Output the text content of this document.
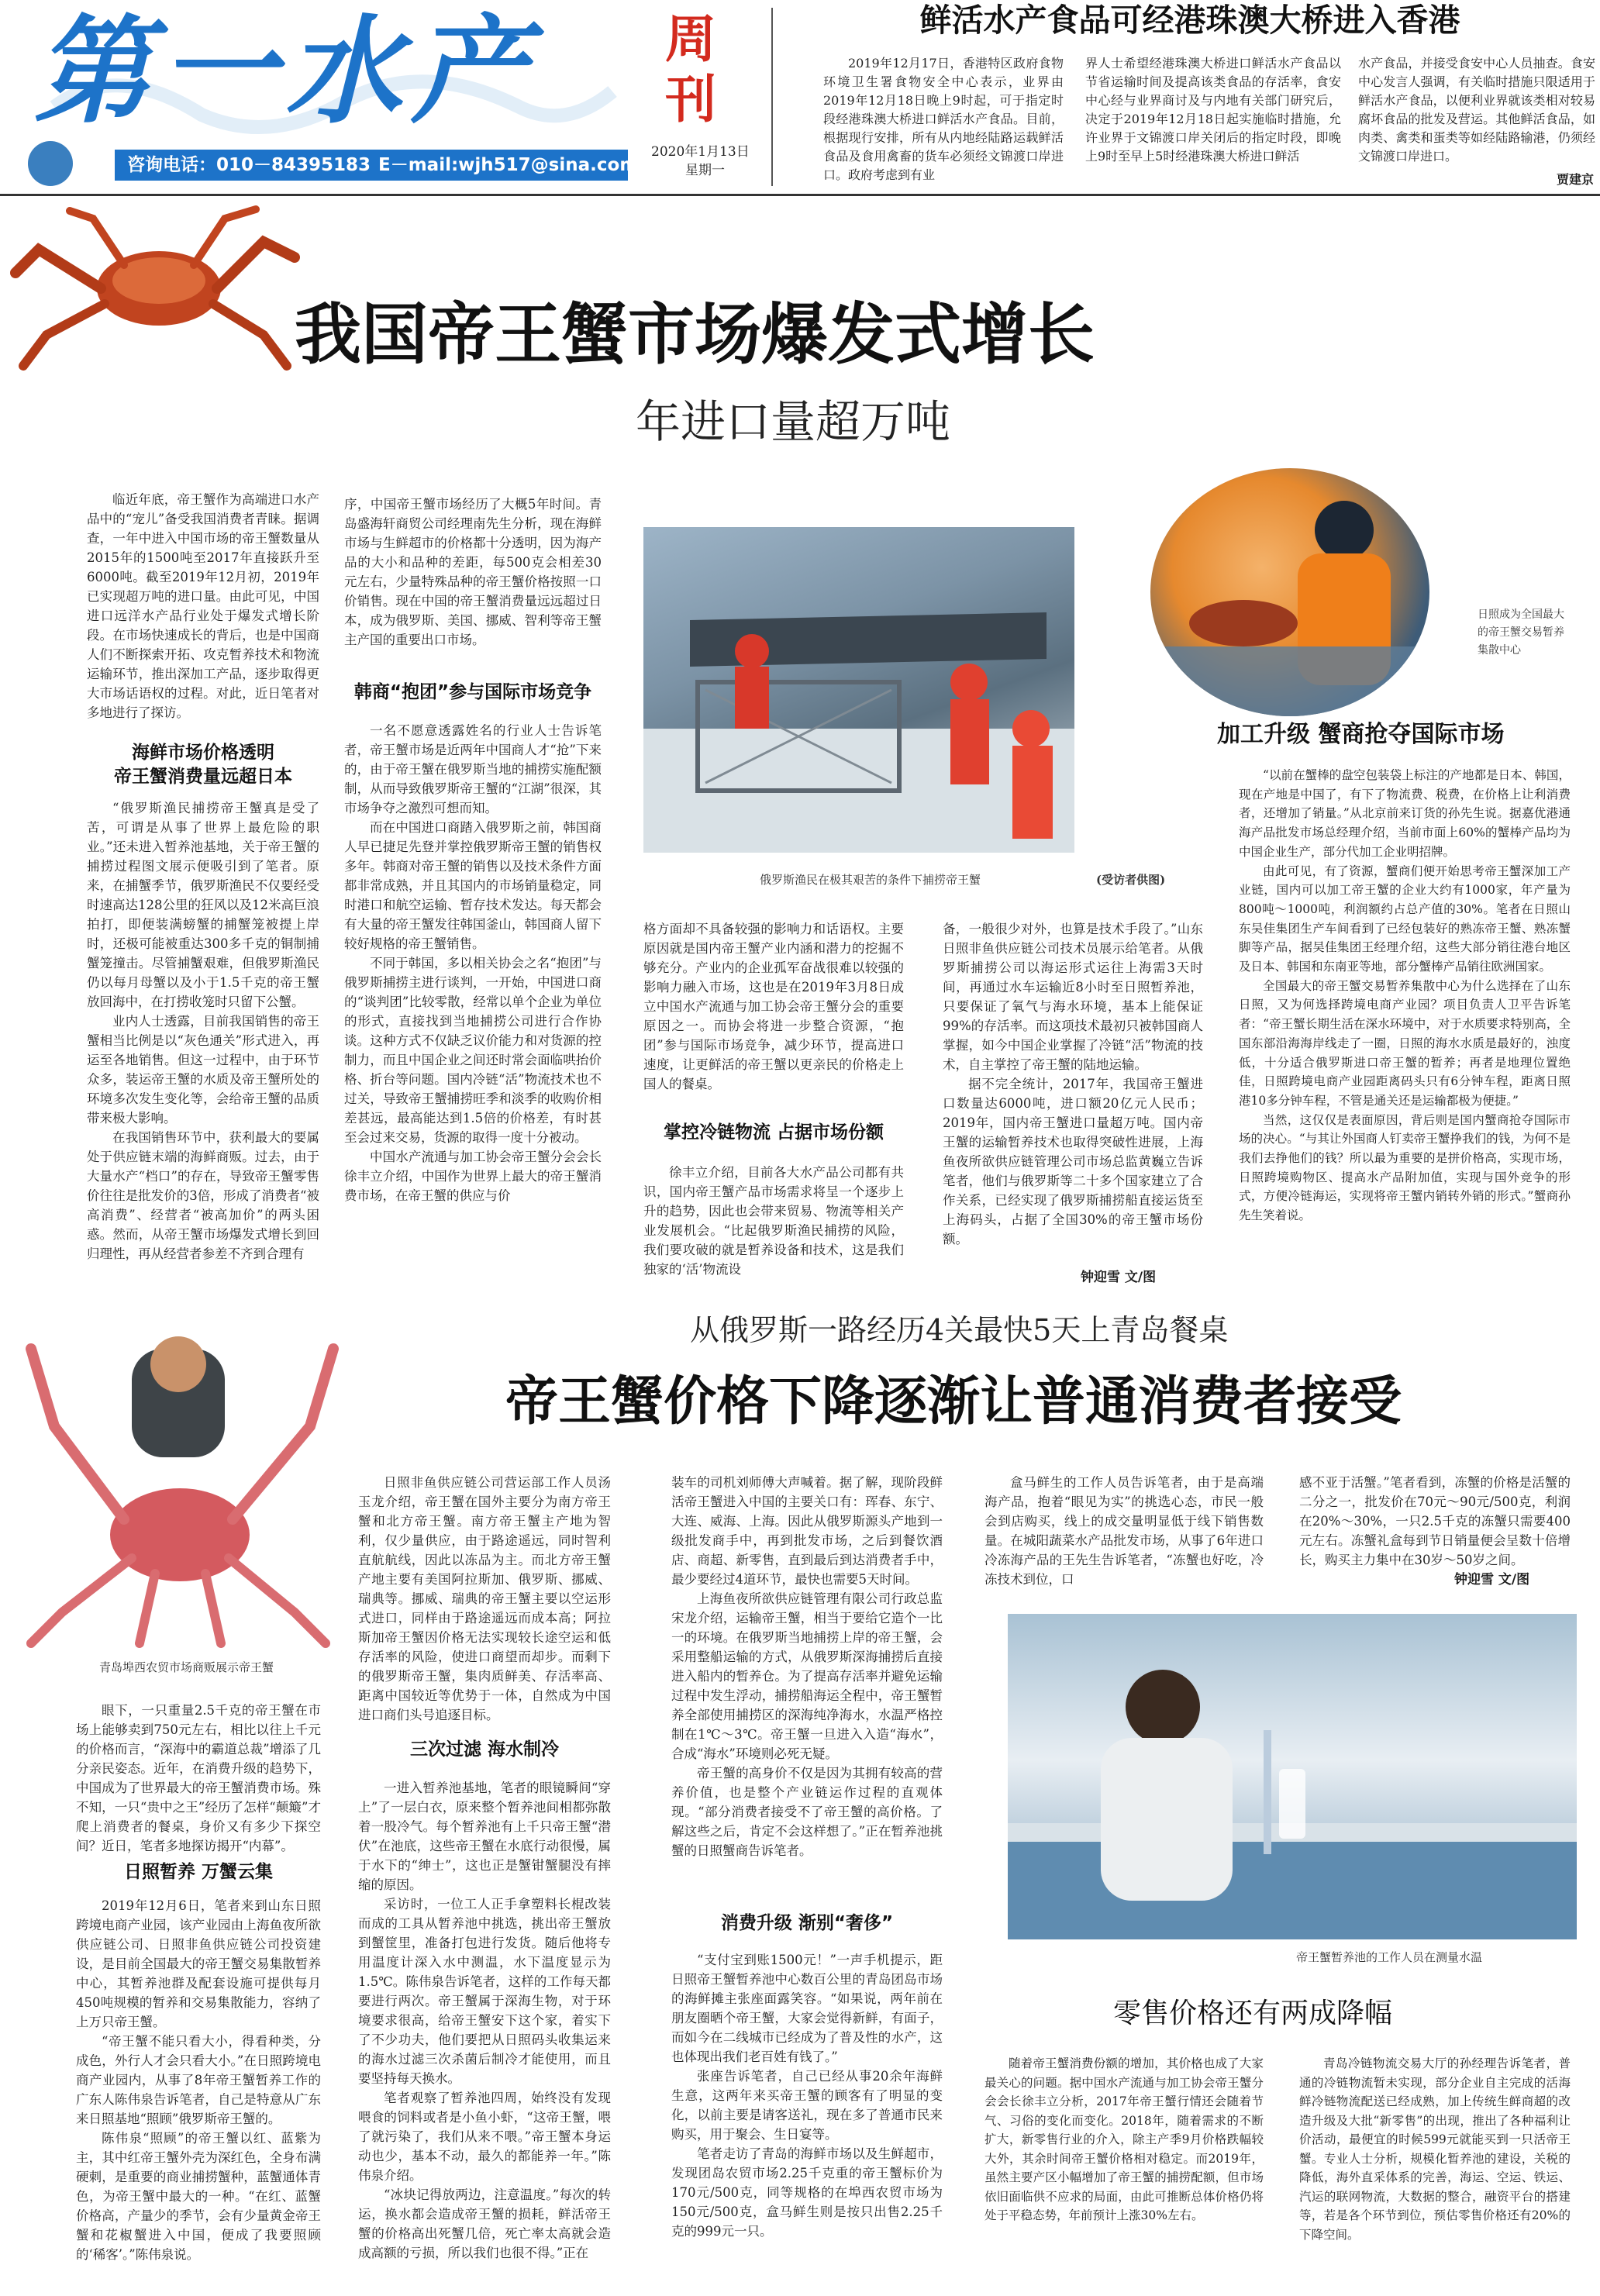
第一水产
咨询电话：010－84395183 E－mail:wjh517@sina.com
周刊
2020年1月13日
星期一
鲜活水产食品可经港珠澳大桥进入香港

2019年12月17日，香港特区政府食物环境卫生署食物安全中心表示，业界由2019年12月18日晚上9时起，可于指定时段经港珠澳大桥进口鲜活水产食品。目前，根据现行安排，所有从内地经陆路运载鲜活食品及食用禽畜的货车必须经文锦渡口岸进口。政府考虑到有业

界人士希望经港珠澳大桥进口鲜活水产食品以节省运输时间及提高该类食品的存活率，食安中心经与业界商讨及与内地有关部门研究后，决定于2019年12月18日起实施临时措施，允许业界于文锦渡口岸关闭后的指定时段，即晚上9时至早上5时经港珠澳大桥进口鲜活

水产食品，并接受食安中心人员抽查。食安中心发言人强调，有关临时措施只限适用于鲜活水产食品，以便利业界就该类相对较易腐坏食品的批发及营运。其他鲜活食品，如肉类、禽类和蛋类等如经陆路输港，仍须经文锦渡口岸进口。

贾建京
我国帝王蟹市场爆发式增长
年进口量超万吨

临近年底，帝王蟹作为高端进口水产品中的“宠儿”备受我国消费者青睐。据调查，一年中进入中国市场的帝王蟹数量从2015年的1500吨至2017年直接跃升至6000吨。截至2019年12月初，2019年已实现超万吨的进口量。由此可见，中国进口远洋水产品行业处于爆发式增长阶段。在市场快速成长的背后，也是中国商人们不断探索开拓、攻克暂养技术和物流运输环节，推出深加工产品，逐步取得更大市场话语权的过程。对此，近日笔者对多地进行了探访。

海鲜市场价格透明
帝王蟹消费量远超日本

“俄罗斯渔民捕捞帝王蟹真是受了苦，可谓是从事了世界上最危险的职业。”还未进入暂养池基地，关于帝王蟹的捕捞过程图文展示便吸引到了笔者。原来，在捕蟹季节，俄罗斯渔民不仅要经受时速高达128公里的狂风以及12米高巨浪拍打，即便装满螃蟹的捕蟹笼被提上岸时，还极可能被重达300多千克的铜制捕蟹笼撞击。尽管捕蟹艰难，但俄罗斯渔民仍以每月母蟹以及小于1.5千克的帝王蟹放回海中，在打捞收笼时只留下公蟹。

业内人士透露，目前我国销售的帝王蟹相当比例是以“灰色通关”形式进入，再运至各地销售。但这一过程中，由于环节众多，装运帝王蟹的水质及帝王蟹所处的环境多次发生变化等，会给帝王蟹的品质带来极大影响。

在我国销售环节中，获利最大的要属处于供应链末端的海鲜商贩。过去，由于大量水产“档口”的存在，导致帝王蟹零售价往往是批发价的3倍，形成了消费者“被高消费”、经营者“被高加价”的两头困惑。然而，从帝王蟹市场爆发式增长到回归理性，再从经营者参差不齐到合理有

序，中国帝王蟹市场经历了大概5年时间。青岛盛海轩商贸公司经理南先生分析，现在海鲜市场与生鲜超市的价格都十分透明，因为海产品的大小和品种的差距，每500克会相差30元左右，少量特殊品种的帝王蟹价格按照一口价销售。现在中国的帝王蟹消费量远远超过日本，成为俄罗斯、美国、挪威、智利等帝王蟹主产国的重要出口市场。

韩商“抱团”参与国际市场竞争

一名不愿意透露姓名的行业人士告诉笔者，帝王蟹市场是近两年中国商人才“抢”下来的，由于帝王蟹在俄罗斯当地的捕捞实施配额制，从而导致俄罗斯帝王蟹的“江湖”很深，其市场争夺之激烈可想而知。

而在中国进口商踏入俄罗斯之前，韩国商人早已捷足先登并掌控俄罗斯帝王蟹的销售权多年。韩商对帝王蟹的销售以及技术条件方面都非常成熟，并且其国内的市场销量稳定，同时港口和航空运输、暂存技术发达。每天都会有大量的帝王蟹发往韩国釜山，韩国商人留下较好规格的帝王蟹销售。

不同于韩国，多以相关协会之名“抱团”与俄罗斯捕捞主进行谈判，一开始，中国进口商的“谈判团”比较零散，经常以单个企业为单位的形式，直接找到当地捕捞公司进行合作协谈。这种方式不仅缺乏议价能力和对货源的控制力，而且中国企业之间还时常会面临哄抬价格、折台等问题。国内冷链“活”物流技术也不过关，导致帝王蟹捕捞旺季和淡季的收购价相差甚远，最高能达到1.5倍的价格差，有时甚至会过来交易，货源的取得一度十分被动。

中国水产流通与加工协会帝王蟹分会会长徐丰立介绍，中国作为世界上最大的帝王蟹消费市场，在帝王蟹的供应与价

俄罗斯渔民在极其艰苦的条件下捕捞帝王蟹	(受访者供图)
日照成为全国最大的帝王蟹交易暂养集散中心
加工升级 蟹商抢夺国际市场

“以前在蟹棒的盘空包装袋上标注的产地都是日本、韩国，现在产地是中国了，有下了物流费、税费，在价格上让利消费者，还增加了销量。”从北京前来订货的孙先生说。据嘉优港通海产品批发市场总经理介绍，当前市面上60%的蟹棒产品均为中国企业生产，部分代加工企业明招牌。

由此可见，有了资源，蟹商们便开始思考帝王蟹深加工产业链，国内可以加工帝王蟹的企业大约有1000家，年产量为800吨～1000吨，利润额约占总产值的30%。笔者在日照山东吴佳集团生产车间看到了已经包装好的熟冻帝王蟹、熟冻蟹脚等产品，据吴佳集团王经理介绍，这些大部分销往港台地区及日本、韩国和东南亚等地，部分蟹棒产品销往欧洲国家。

全国最大的帝王蟹交易暂养集散中心为什么选择在了山东日照，又为何选择跨境电商产业园？项目负责人卫平告诉笔者：“帝王蟹长期生活在深水环境中，对于水质要求特别高，全国东部沿海海岸线走了一圈，日照的海水水质是最好的，浊度低，十分适合俄罗斯进口帝王蟹的暂养；再者是地理位置绝佳，日照跨境电商产业园距离码头只有6分钟车程，距离日照港10多分钟车程，不管是通关还是运输都极为便捷。”

当然，这仅仅是表面原因，背后则是国内蟹商抢夺国际市场的决心。“与其让外国商人钉卖帝王蟹挣我们的钱，为何不是我们去挣他们的钱？所以最为重要的是拼价格高，实现市场，日照跨境购物区、提高水产品附加值，实现与国外竞争的形式，方便冷链海运，实现将帝王蟹内销转外销的形式。”蟹商孙先生笑着说。

格方面却不具备较强的影响力和话语权。主要原因就是国内帝王蟹产业内涵和潜力的挖掘不够充分。产业内的企业孤军奋战很难以较强的影响力融入市场，这也是在2019年3月8日成立中国水产流通与加工协会帝王蟹分会的重要原因之一。而协会将进一步整合资源，“抱团”参与国际市场竞争，减少环节，提高进口速度，让更鲜活的帝王蟹以更亲民的价格走上国人的餐桌。

掌控冷链物流 占据市场份额

徐丰立介绍，目前各大水产品公司都有共识，国内帝王蟹产品市场需求将呈一个逐步上升的趋势，因此也会带来贸易、物流等相关产业发展机会。“比起俄罗斯渔民捕捞的风险，我们要攻破的就是暂养设备和技术，这是我们独家的‘活’物流设

备，一般很少对外，也算是技术手段了。”山东日照非鱼供应链公司技术员展示给笔者。从俄罗斯捕捞公司以海运形式运往上海需3天时间，再通过水车运输近8小时至日照暂养池，只要保证了氧气与海水环境，基本上能保证99%的存活率。而这项技术最初只被韩国商人掌握，如今中国企业掌握了冷链“活”物流的技术，自主掌控了帝王蟹的陆地运输。

据不完全统计，2017年，我国帝王蟹进口数量达6000吨，进口额20亿元人民币；2019年，国内帝王蟹进口量超万吨。国内帝王蟹的运输暂养技术也取得突破性进展，上海鱼夜所欲供应链管理公司市场总监黄巍立告诉笔者，他们与俄罗斯等二十多个国家建立了合作关系，已经实现了俄罗斯捕捞船直接运货至上海码头，占据了全国30%的帝王蟹市场份额。

钟迎雪 文/图
青岛埠西农贸市场商贩展示帝王蟹
从俄罗斯一路经历4关最快5天上青岛餐桌
帝王蟹价格下降逐渐让普通消费者接受

眼下，一只重量2.5千克的帝王蟹在市场上能够卖到750元左右，相比以往上千元的价格而言，“深海中的霸道总裁”增添了几分亲民姿态。近年，在消费升级的趋势下，中国成为了世界最大的帝王蟹消费市场。殊不知，一只“贵中之王”经历了怎样“颠簸”才爬上消费者的餐桌，身价又有多少下探空间？近日，笔者多地探访揭开“内幕”。

日照暂养 万蟹云集

2019年12月6日，笔者来到山东日照跨境电商产业园，该产业园由上海鱼夜所欲供应链公司、日照非鱼供应链公司投资建设，是目前全国最大的帝王蟹交易集散暂养中心，其暂养池群及配套设施可提供每月450吨规模的暂养和交易集散能力，容纳了上万只帝王蟹。

“帝王蟹不能只看大小，得看种类，分成色，外行人才会只看大小。”在日照跨境电商产业园内，从事了8年帝王蟹暂养工作的广东人陈伟泉告诉笔者，自己是特意从广东来日照基地“照顾”俄罗斯帝王蟹的。

陈伟泉“照顾”的帝王蟹以红、蓝紫为主，其中红帝王蟹外壳为深红色，全身布满硬刺，是重要的商业捕捞蟹种，蓝蟹通体青色，为帝王蟹中最大的一种。“在红、蓝蟹价格高，产量少的季节，会有少量黄金帝王蟹和花椒蟹进入中国，便成了我要照顾的‘稀客’。”陈伟泉说。

日照非鱼供应链公司营运部工作人员汤玉龙介绍，帝王蟹在国外主要分为南方帝王蟹和北方帝王蟹。南方帝王蟹主产地为智利，仅少量供应，由于路途遥远，同时智利直航航线，因此以冻品为主。而北方帝王蟹产地主要有美国阿拉斯加、俄罗斯、挪威、瑞典等。挪威、瑞典的帝王蟹主要以空运形式进口，同样由于路途遥远而成本高；阿拉斯加帝王蟹因价格无法实现较长途空运和低存活率的风险，使进口商望而却步。而剩下的俄罗斯帝王蟹，集肉质鲜美、存活率高、距离中国较近等优势于一体，自然成为中国进口商们头号追逐目标。

三次过滤 海水制冷

一进入暂养池基地，笔者的眼镜瞬间“穿上”了一层白衣，原来整个暂养池间相都弥散着一股冷气。每个暂养池有上千只帝王蟹“潜伏”在池底，这些帝王蟹在水底行动很慢，属于水下的“绅士”，这也正是蟹钳蟹腿没有摔缩的原因。

采访时，一位工人正手拿塑料长棍改装而成的工具从暂养池中挑选，挑出帝王蟹放到蟹筐里，准备打包进行发货。随后他将专用温度计深入水中测温，水下温度显示为1.5℃。陈伟泉告诉笔者，这样的工作每天都要进行两次。帝王蟹属于深海生物，对于环境要求很高，给帝王蟹安下这个家，着实下了不少功夫，他们要把从日照码头收集运来的海水过滤三次杀菌后制冷才能使用，而且要坚持每天换水。

笔者观察了暂养池四周，始终没有发现喂食的饲料或者是小鱼小虾，“这帝王蟹，喂了就污染了，我们从来不喂。”帝王蟹本身运动也少，基本不动，最久的都能养一年。”陈伟泉介绍。

“冰块记得放两边，注意温度。”每次的转运，换水都会造成帝王蟹的损耗，鲜活帝王蟹的价格高出死蟹几倍，死亡率太高就会造成高额的亏损，所以我们也很不得。”正在

装车的司机刘师傅大声喊着。据了解，现阶段鲜活帝王蟹进入中国的主要关口有：珲春、东宁、大连、威海、上海。因此从俄罗斯源头产地到一级批发商手中，再到批发市场，之后到餐饮酒店、商超、新零售，直到最后到达消费者手中，最少要经过4道环节，最快也需要5天时间。

上海鱼夜所欲供应链管理有限公司行政总监宋龙介绍，运输帝王蟹，相当于要给它造个一比一的环境。在俄罗斯当地捕捞上岸的帝王蟹，会采用整船运输的方式，从俄罗斯深海捕捞后直接进入船内的暂养仓。为了提高存活率并避免运输过程中发生浮动，捕捞船海运全程中，帝王蟹暂养全部使用捕捞区的深海纯净海水，水温严格控制在1℃～3℃。帝王蟹一旦进入入造“海水”，合成“海水”环境则必死无疑。

帝王蟹的高身价不仅是因为其拥有较高的营养价值，也是整个产业链运作过程的直观体现。“部分消费者接受不了帝王蟹的高价格。了解这些之后，肯定不会这样想了。”正在暂养池挑蟹的日照蟹商告诉笔者。

消费升级 渐别“奢侈”

“支付宝到账1500元！”一声手机提示，距日照帝王蟹暂养池中心数百公里的青岛团岛市场的海鲜摊主张座面露笑容。“如果说，两年前在朋友圈晒个帝王蟹，大家会觉得新鲜，有面子，而如今在二线城市已经成为了普及性的水产，这也体现出我们老百姓有钱了。”

张座告诉笔者，自己已经从事20余年海鲜生意，这两年来买帝王蟹的顾客有了明显的变化，以前主要是请客送礼，现在多了普通市民来购买，用于聚会、生日宴等。

笔者走访了青岛的海鲜市场以及生鲜超市，发现团岛农贸市场2.25千克重的帝王蟹标价为170元/500克，同等规格的在埠西农贸市场为150元/500克，盒马鲜生则是按只出售2.25千克的999元一只。

盒马鲜生的工作人员告诉笔者，由于是高端海产品，抱着“眼见为实”的挑选心态，市民一般会到店购买，线上的成交量明显低于线下销售数量。在城阳蔬菜水产品批发市场，从事了6年进口冷冻海产品的王先生告诉笔者，“冻蟹也好吃，冷冻技术到位，口

感不亚于活蟹。”笔者看到，冻蟹的价格是活蟹的二分之一，批发价在70元～90元/500克，利润在20%～30%，一只2.5千克的冻蟹只需要400元左右。冻蟹礼盒每到节日销量便会呈数十倍增长，购买主力集中在30岁～50岁之间。

钟迎雪 文/图
帝王蟹暂养池的工作人员在测量水温
零售价格还有两成降幅

随着帝王蟹消费份额的增加，其价格也成了大家最关心的问题。据中国水产流通与加工协会帝王蟹分会会长徐丰立分析，2017年帝王蟹行情还会随着节气、习俗的变化而变化。2018年，随着需求的不断扩大，新零售行业的介入，除主产季9月价格跌幅较大外，其余时间帝王蟹价格相对稳定。而2019年，虽然主要产区小幅增加了帝王蟹的捕捞配额，但市场依旧面临供不应求的局面，由此可推断总体价格仍将处于平稳态势，年前预计上涨30%左右。

青岛冷链物流交易大厅的孙经理告诉笔者，普通的冷链物流暂未实现，部分企业自主完成的活海鲜冷链物流配送已经成熟，加上传统生鲜商超的改造升级及大批“新零售”的出现，推出了各种福利让价活动，最便宜的时候599元就能买到一只活帝王蟹。专业人士分析，规模化暂养池的建设，关税的降低，海外直采体系的完善，海运、空运、铁运、汽运的联网物流，大数据的整合，融资平台的搭建等，若是各个环节到位，预估零售价格还有20%的下降空间。
